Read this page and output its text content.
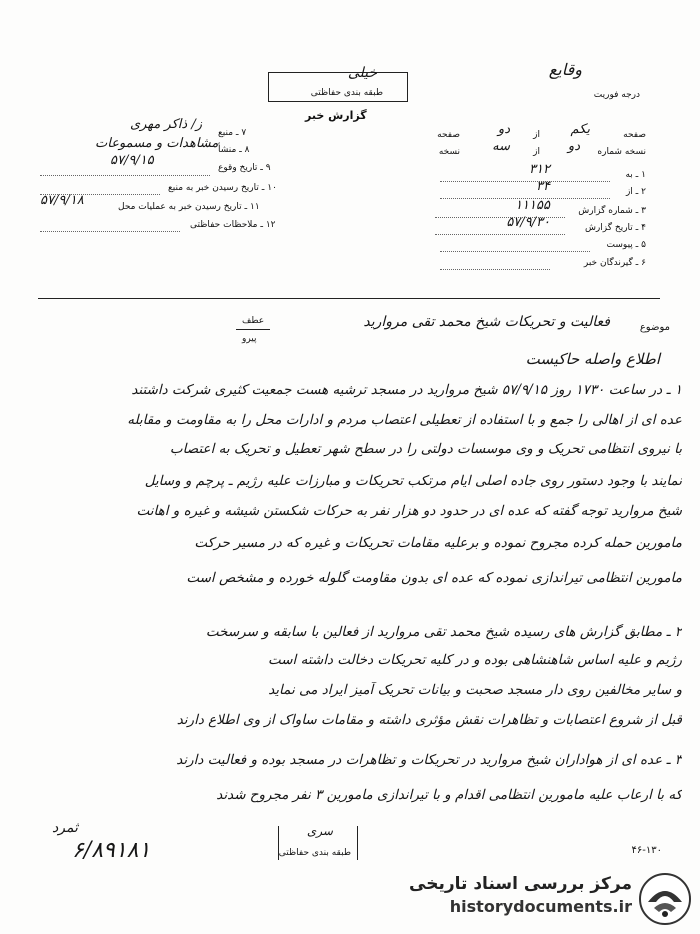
درجه فوریت
وقایع
خیلی
طبقه بندی حفاظتی
گزارش خبر
صفحه
یکم
از
دو
صفحه
نسخه شماره
دو
از
سه
نسخه
۱ ـ به
۳۱۲
۲ ـ از
۳۴
۳ ـ شماره گزارش
۱۱۱۵۵
۴ ـ تاریخ گزارش
۵۷/۹/۳۰
۵ ـ پیوست
۶ ـ گیرندگان خبر
۷ ـ منبع
ز/ ذاکر مهری
۸ ـ منشأ
مشاهدات و مسموعات
۹ ـ تاریخ وقوع
۵۷/۹/۱۵
۱۰ ـ تاریخ رسیدن خبر به منبع
۱۱ ـ تاریخ رسیدن خبر به عملیات محل
۵۷/۹/۱۸
۱۲ ـ ملاحظات حفاظتی
موضوع
فعالیت و تحریکات شیخ محمد تقی مروارید
عطف
پیرو
اطلاع واصله حاکیست
۱ ـ در ساعت ۱۷۳۰ روز ۵۷/۹/۱۵ شیخ مروارید در مسجد ترشیه هست جمعیت کثیری شرکت داشتند
عده ای از اهالی را جمع و با استفاده از تعطیلی اعتصاب مردم و ادارات محل را به مقاومت و مقابله
با نیروی انتظامی تحریک و وی موسسات دولتی را در سطح شهر تعطیل و تحریک به اعتصاب
نمایند با وجود دستور روی جاده اصلی ایام مرتکب تحریکات و مبارزات علیه رژیم ـ پرچم و وسایل
شیخ مروارید توجه گفته که عده ای در حدود دو هزار نفر به حرکات شکستن شیشه و غیره و اهانت
مامورین حمله کرده مجروح نموده و برعلیه مقامات تحریکات و غیره که در مسیر حرکت
مامورین انتظامی تیراندازی نموده که عده ای بدون مقاومت گلوله خورده و مشخص است
۲ ـ مطابق گزارش های رسیده شیخ محمد تقی مروارید از فعالین با سابقه و سرسخت
رژیم و علیه اساس شاهنشاهی بوده و در کلیه تحریکات دخالت داشته است
و سایر مخالفین روی دار مسجد صحبت و بیانات تحریک آمیز ایراد می نماید
قبل از شروع اعتصابات و تظاهرات نقش مؤثری داشته و مقامات ساواک از وی اطلاع دارند
۳ ـ عده ای از هواداران شیخ مروارید در تحریکات و تظاهرات در مسجد بوده و فعالیت دارند
که با ارعاب علیه مامورین انتظامی اقدام و با تیراندازی مامورین ۳ نفر مجروح شدند
ثمرد	سری
طبقه بندی حفاظتی	۴۶-۱۳۰
۶/۸۹۱۸۱
مرکز بررسی اسناد تاریخی
historydocuments.ir
